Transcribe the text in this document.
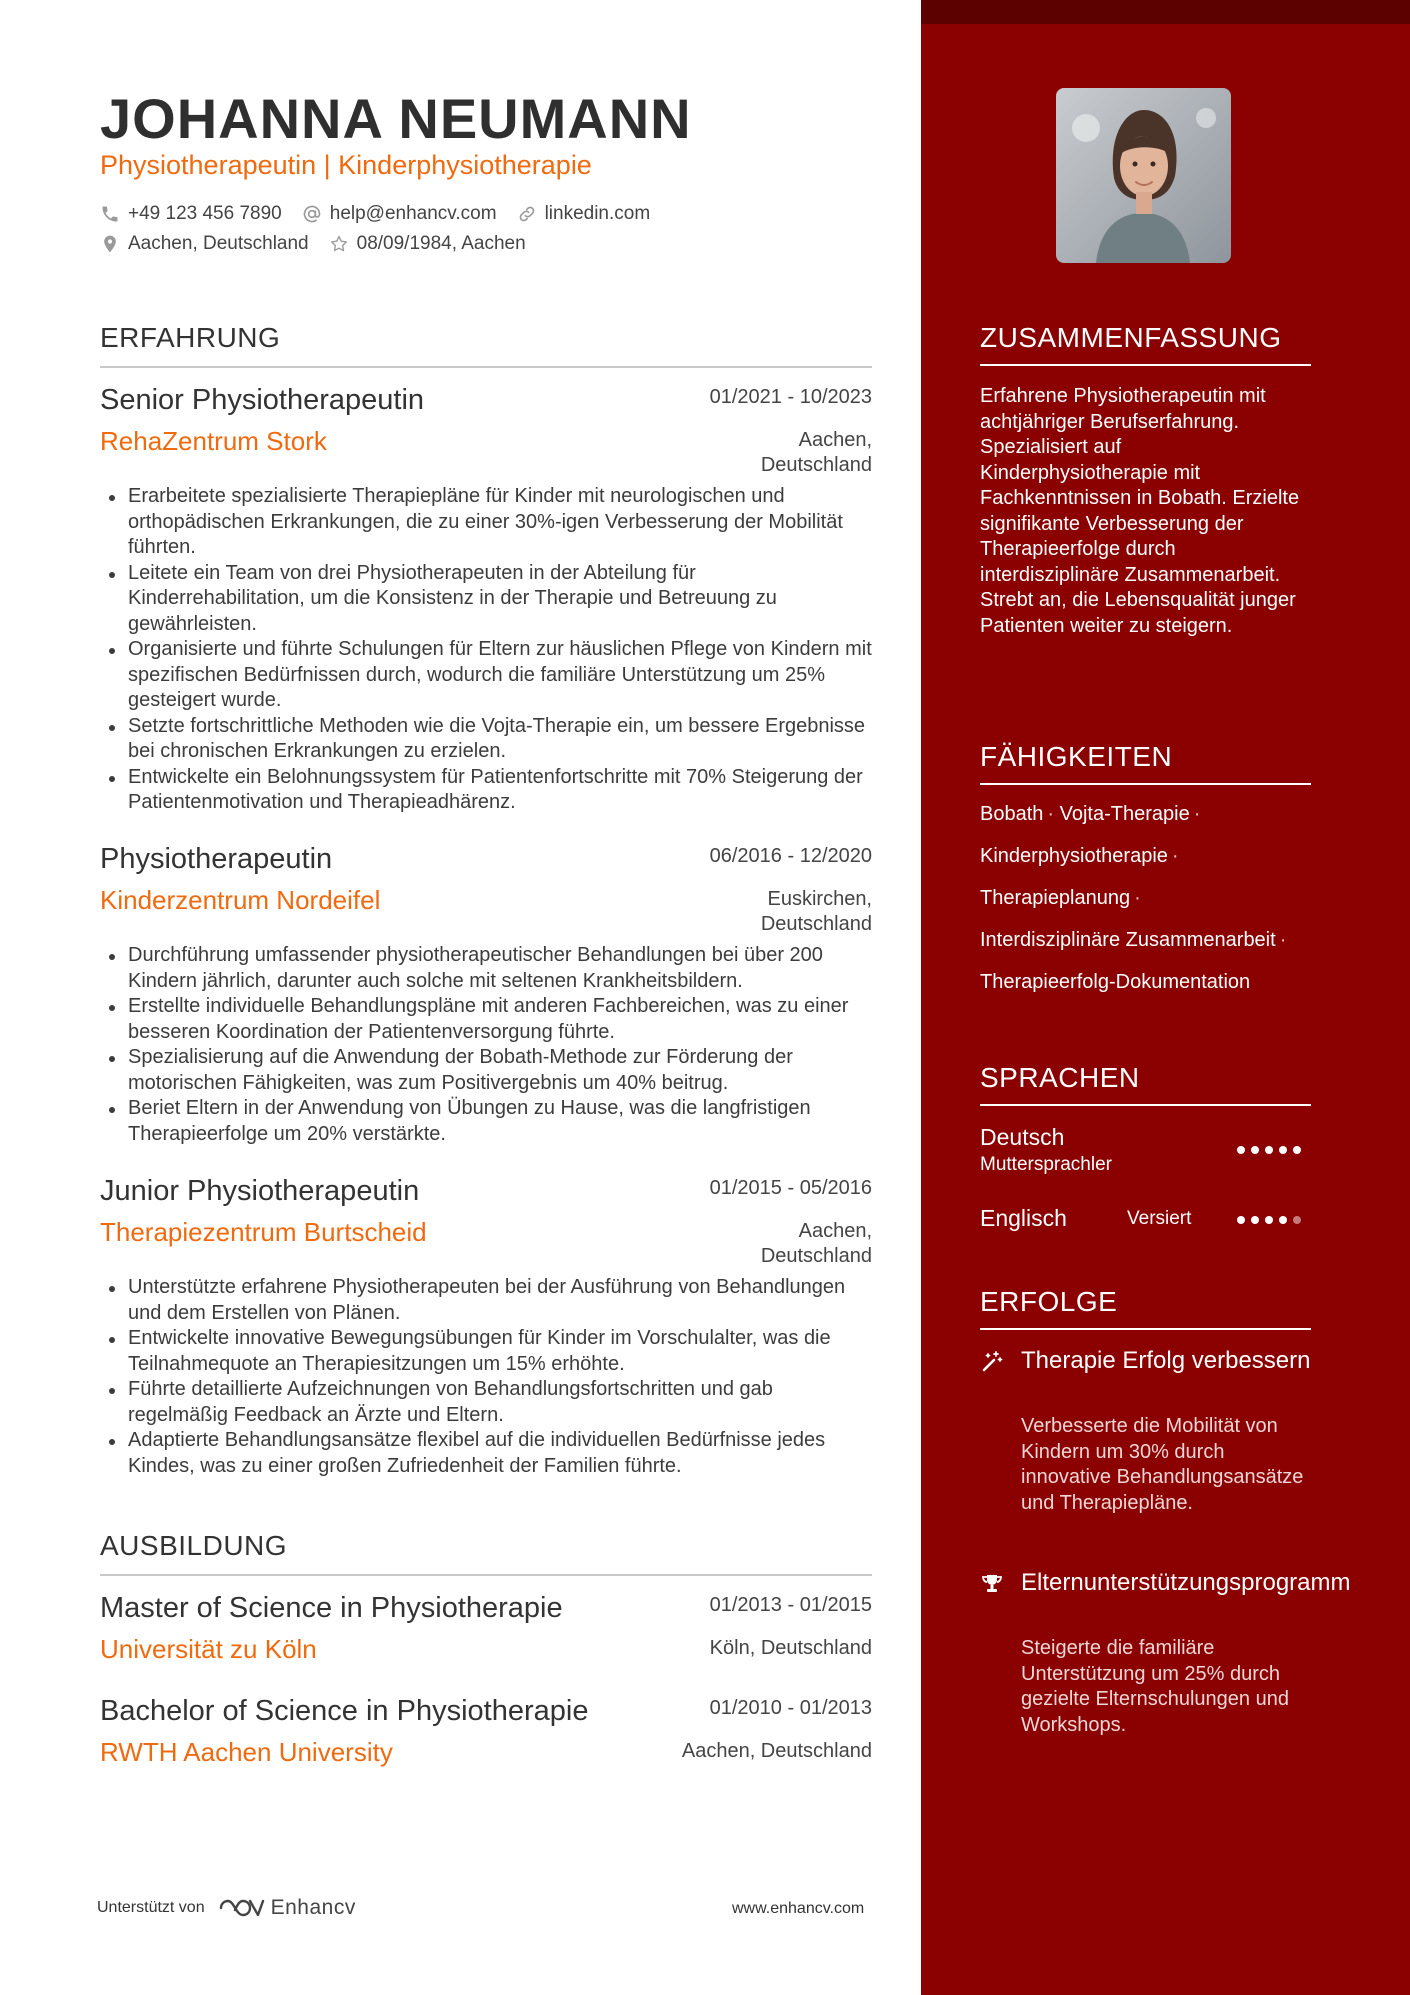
JOHANNA NEUMANN
Physiotherapeutin | Kinderphysiotherapie
+49 123 456 7890	help@enhancv.com	linkedin.com
Aachen, Deutschland	08/09/1984, Aachen
ERFAHRUNG
Senior Physiotherapeutin	01/2021 - 10/2023
RehaZentrum Stork	Aachen, Deutschland
Erarbeitete spezialisierte Therapiepläne für Kinder mit neurologischen und orthopädischen Erkrankungen, die zu einer 30%-igen Verbesserung der Mobilität führten.
Leitete ein Team von drei Physiotherapeuten in der Abteilung für Kinderrehabilitation, um die Konsistenz in der Therapie und Betreuung zu gewährleisten.
Organisierte und führte Schulungen für Eltern zur häuslichen Pflege von Kindern mit spezifischen Bedürfnissen durch, wodurch die familiäre Unterstützung um 25% gesteigert wurde.
Setzte fortschrittliche Methoden wie die Vojta-Therapie ein, um bessere Ergebnisse bei chronischen Erkrankungen zu erzielen.
Entwickelte ein Belohnungssystem für Patientenfortschritte mit 70% Steigerung der Patientenmotivation und Therapieadhärenz.
Physiotherapeutin	06/2016 - 12/2020
Kinderzentrum Nordeifel	Euskirchen, Deutschland
Durchführung umfassender physiotherapeutischer Behandlungen bei über 200 Kindern jährlich, darunter auch solche mit seltenen Krankheitsbildern.
Erstellte individuelle Behandlungspläne mit anderen Fachbereichen, was zu einer besseren Koordination der Patientenversorgung führte.
Spezialisierung auf die Anwendung der Bobath-Methode zur Förderung der motorischen Fähigkeiten, was zum Positivergebnis um 40% beitrug.
Beriet Eltern in der Anwendung von Übungen zu Hause, was die langfristigen Therapieerfolge um 20% verstärkte.
Junior Physiotherapeutin	01/2015 - 05/2016
Therapiezentrum Burtscheid	Aachen, Deutschland
Unterstützte erfahrene Physiotherapeuten bei der Ausführung von Behandlungen und dem Erstellen von Plänen.
Entwickelte innovative Bewegungsübungen für Kinder im Vorschulalter, was die Teilnahmequote an Therapiesitzungen um 15% erhöhte.
Führte detaillierte Aufzeichnungen von Behandlungsfortschritten und gab regelmäßig Feedback an Ärzte und Eltern.
Adaptierte Behandlungsansätze flexibel auf die individuellen Bedürfnisse jedes Kindes, was zu einer großen Zufriedenheit der Familien führte.
AUSBILDUNG
Master of Science in Physiotherapie	01/2013 - 01/2015
Universität zu Köln	Köln, Deutschland
Bachelor of Science in Physiotherapie	01/2010 - 01/2013
RWTH Aachen University	Aachen, Deutschland
Unterstützt von	Enhancv	www.enhancv.com
ZUSAMMENFASSUNG
Erfahrene Physiotherapeutin mit achtjähriger Berufserfahrung. Spezialisiert auf Kinderphysiotherapie mit Fachkenntnissen in Bobath. Erzielte signifikante Verbesserung der Therapieerfolge durch interdisziplinäre Zusammenarbeit. Strebt an, die Lebensqualität junger Patienten weiter zu steigern.
FÄHIGKEITEN
Bobath · Vojta-Therapie ·
Kinderphysiotherapie ·
Therapieplanung ·
Interdisziplinäre Zusammenarbeit ·
Therapieerfolg-Dokumentation
SPRACHEN
Deutsch
Muttersprachler
Englisch	Versiert
ERFOLGE
Therapie Erfolg verbessern
Verbesserte die Mobilität von Kindern um 30% durch innovative Behandlungsansätze und Therapiepläne.
Elternunterstützungsprogramm
Steigerte die familiäre Unterstützung um 25% durch gezielte Elternschulungen und Workshops.
